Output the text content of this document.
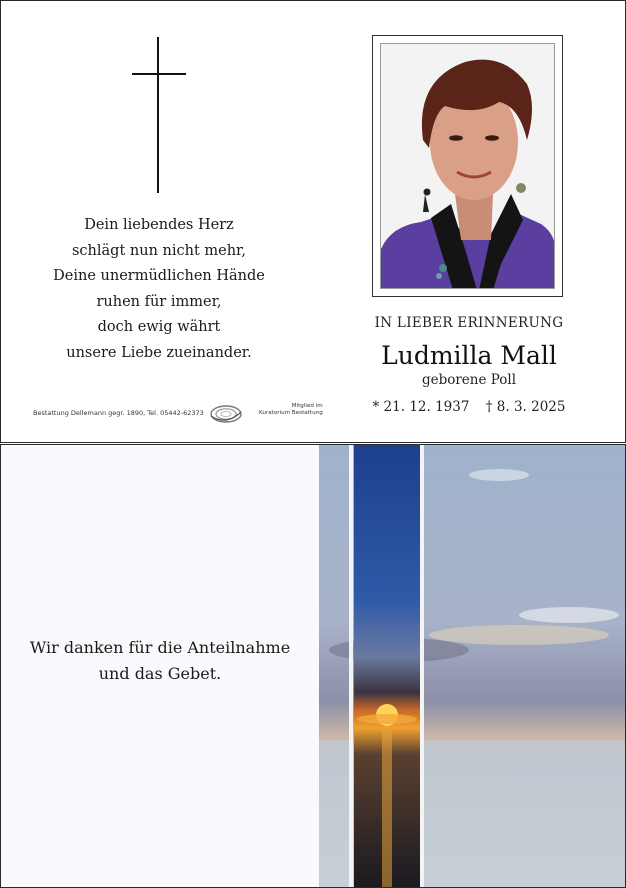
Dein liebendes Herz
schlägt nun nicht mehr,
Deine unermüdlichen Hände
ruhen für immer,
doch ewig währt
unsere Liebe zueinander.
Bestattung Dellemann gegr. 1890, Tel. 05442-62373
Mitglied im
Kuratorium Bestattung
IN LIEBER ERINNERUNG
Ludmilla Mall
geborene Poll
* 21. 12. 1937 † 8. 3. 2025
Wir danken für die Anteilnahme
und das Gebet.
